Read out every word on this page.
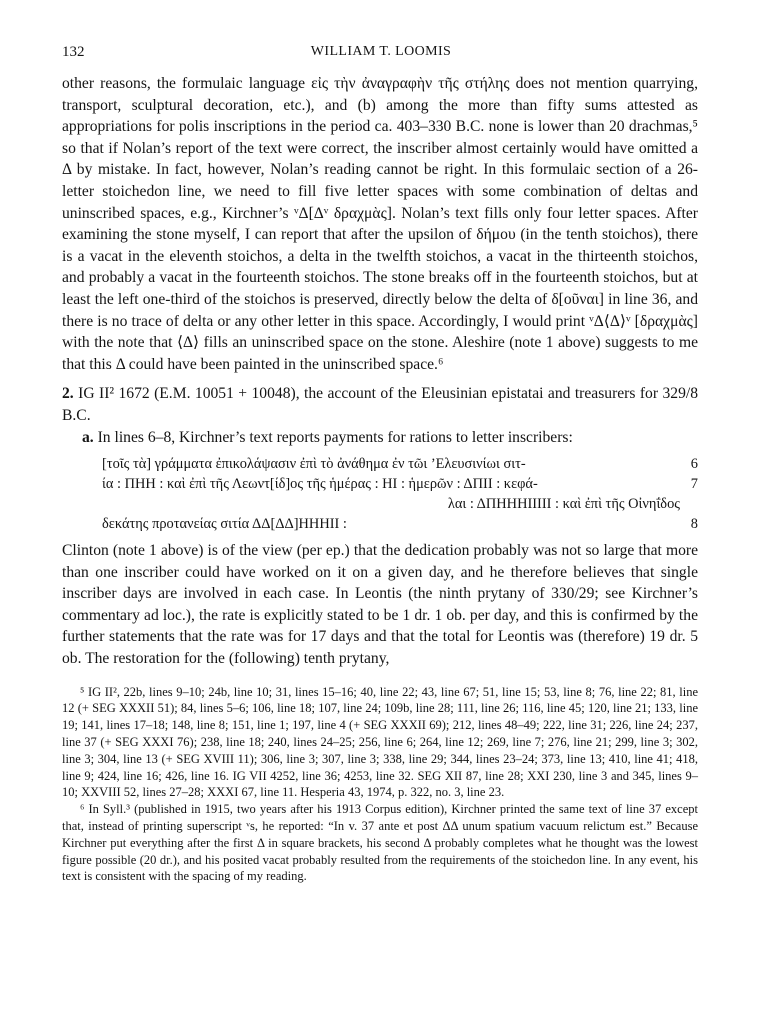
132	WILLIAM T. LOOMIS

other reasons, the formulaic language εἰς τὴν ἀναγραφὴν τῆς στήλης does not mention quarrying, transport, sculptural decoration, etc.), and (b) among the more than fifty sums attested as appropriations for polis inscriptions in the period ca. 403–330 B.C. none is lower than 20 drachmas,⁵ so that if Nolan’s report of the text were correct, the inscriber almost certainly would have omitted a Δ by mistake. In fact, however, Nolan’s reading cannot be right. In this formulaic section of a 26-letter stoichedon line, we need to fill five letter spaces with some combination of deltas and uninscribed spaces, e.g., Kirchner’s ᵛΔ[Δᵛ δραχμὰς]. Nolan’s text fills only four letter spaces. After examining the stone myself, I can report that after the upsilon of δήμου (in the tenth stoichos), there is a vacat in the eleventh stoichos, a delta in the twelfth stoichos, a vacat in the thirteenth stoichos, and probably a vacat in the fourteenth stoichos. The stone breaks off in the fourteenth stoichos, but at least the left one-third of the stoichos is preserved, directly below the delta of δ[οῦναι] in line 36, and there is no trace of delta or any other letter in this space. Accordingly, I would print ᵛΔ⟨Δ⟩ᵛ [δραχμὰς] with the note that ⟨Δ⟩ fills an uninscribed space on the stone. Aleshire (note 1 above) suggests to me that this Δ could have been painted in the uninscribed space.⁶

2. IG II² 1672 (E.M. 10051 + 10048), the account of the Eleusinian epistatai and treasurers for 329/8 B.C.

a. In lines 6–8, Kirchner’s text reports payments for rations to letter inscribers:

[τοῖς τὰ] γράμματα ἐπικολάψασιν ἐπὶ τὸ ἀνάθημα ἐν τῶι ’Ελευσινίωι σιτ-	6
ία : ΠΗΗ : καὶ ἐπὶ τῆς Λεωντ[ίδ]ος τῆς ἡμέρας : ΗΙ : ἡμερῶν : ΔΠΙΙ : κεφά-	7
λαι : ΔΠΗΗΗΙΙΙΙΙ : καὶ ἐπὶ τῆς Οἰνηΐδος
δεκάτης προτανείας σιτία ΔΔ[ΔΔ]ΗΗΗΙΙ :	8

Clinton (note 1 above) is of the view (per ep.) that the dedication probably was not so large that more than one inscriber could have worked on it on a given day, and he therefore believes that single inscriber days are involved in each case. In Leontis (the ninth prytany of 330/29; see Kirchner’s commentary ad loc.), the rate is explicitly stated to be 1 dr. 1 ob. per day, and this is confirmed by the further statements that the rate was for 17 days and that the total for Leontis was (therefore) 19 dr. 5 ob. The restoration for the (following) tenth prytany,

⁵ IG II², 22b, lines 9–10; 24b, line 10; 31, lines 15–16; 40, line 22; 43, line 67; 51, line 15; 53, line 8; 76, line 22; 81, line 12 (+ SEG XXXII 51); 84, lines 5–6; 106, line 18; 107, line 24; 109b, line 28; 111, line 26; 116, line 45; 120, line 21; 133, line 19; 141, lines 17–18; 148, line 8; 151, line 1; 197, line 4 (+ SEG XXXII 69); 212, lines 48–49; 222, line 31; 226, line 24; 237, line 37 (+ SEG XXXI 76); 238, line 18; 240, lines 24–25; 256, line 6; 264, line 12; 269, line 7; 276, line 21; 299, line 3; 302, line 3; 304, line 13 (+ SEG XVIII 11); 306, line 3; 307, line 3; 338, line 29; 344, lines 23–24; 373, line 13; 410, line 41; 418, line 9; 424, line 16; 426, line 16. IG VII 4252, line 36; 4253, line 32. SEG XII 87, line 28; XXI 230, line 3 and 345, lines 9–10; XXVIII 52, lines 27–28; XXXI 67, line 11. Hesperia 43, 1974, p. 322, no. 3, line 23.

⁶ In Syll.³ (published in 1915, two years after his 1913 Corpus edition), Kirchner printed the same text of line 37 except that, instead of printing superscript ᵛs, he reported: “In v. 37 ante et post ΔΔ unum spatium vacuum relictum est.” Because Kirchner put everything after the first Δ in square brackets, his second Δ probably completes what he thought was the lowest figure possible (20 dr.), and his posited vacat probably resulted from the requirements of the stoichedon line. In any event, his text is consistent with the spacing of my reading.
